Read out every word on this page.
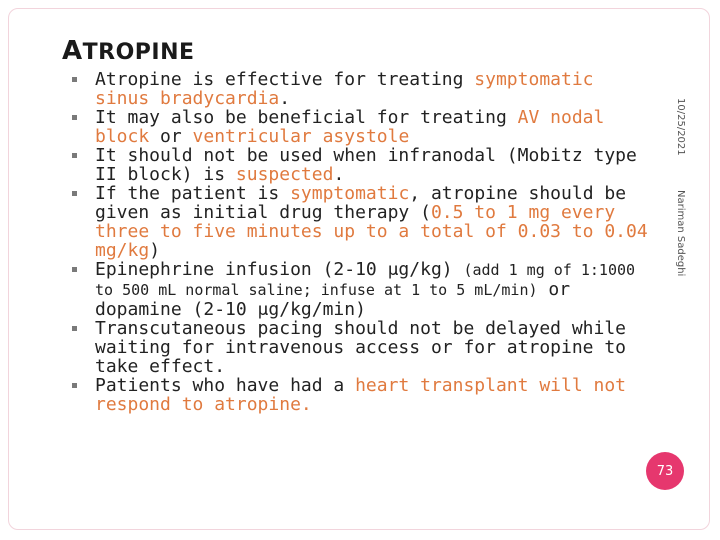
ATROPINE
Atropine is effective for treating symptomatic sinus bradycardia.
It may also be beneficial for treating AV nodal block or ventricular asystole
It should not be used when infranodal (Mobitz type II block) is suspected.
If the patient is symptomatic, atropine should be given as initial drug therapy (0.5 to 1 mg every three to five minutes up to a total of 0.03 to 0.04 mg/kg)
Epinephrine infusion (2-10 μg/kg) (add 1 mg of 1:1000 to 500 mL normal saline; infuse at 1 to 5 mL/min) or dopamine (2-10 μg/kg/min)
Transcutaneous pacing should not be delayed while waiting for intravenous access or for atropine to take effect.
Patients who have had a heart transplant will not respond to atropine.
10/25/2021
Nariman Sadeghi
73
